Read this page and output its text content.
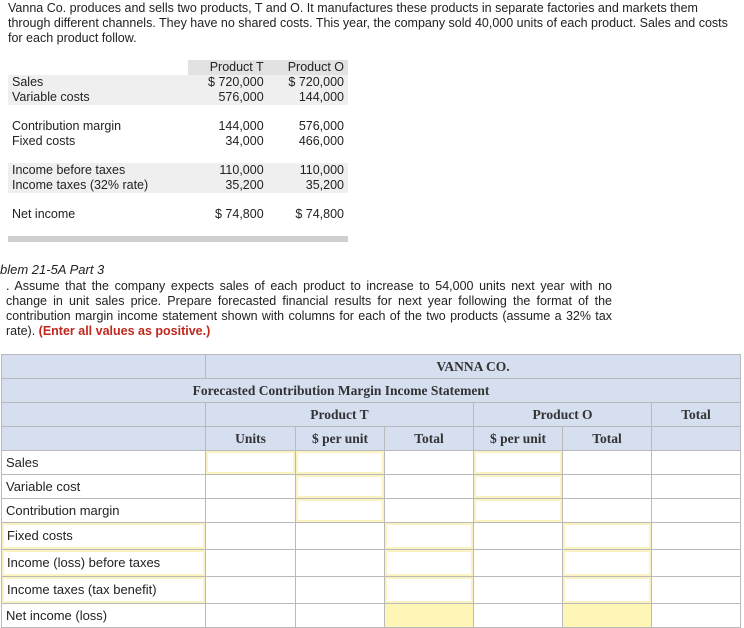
Vanna Co. produces and sells two products, T and O. It manufactures these products in separate factories and markets them through different channels. They have no shared costs. This year, the company sold 40,000 units of each product. Sales and costs for each product follow.
	Product T	Product O
Sales	$ 720,000	$ 720,000
Variable costs	576,000	144,000

Contribution margin	144,000	576,000
Fixed costs	34,000	466,000

Income before taxes	110,000	110,000
Income taxes (32% rate)	35,200	35,200

Net income	$ 74,800	$ 74,800

blem 21-5A Part 3
. Assume that the company expects sales of each product to increase to 54,000 units next year with no change in unit sales price. Prepare forecasted financial results for next year following the format of the contribution margin income statement shown with columns for each of the two products (assume a 32% tax rate). (Enter all values as positive.)
	VANNA CO.					
Forecasted Contribution Margin Income Statement						
	Product T			Product O		Total
	Units	$ per unit	Total	$ per unit	Total	
Sales	

Variable cost		

Contribution margin		

Fixed costs						

Income (loss) before taxes						

Income taxes (tax benefit)						

Net income (loss)			
